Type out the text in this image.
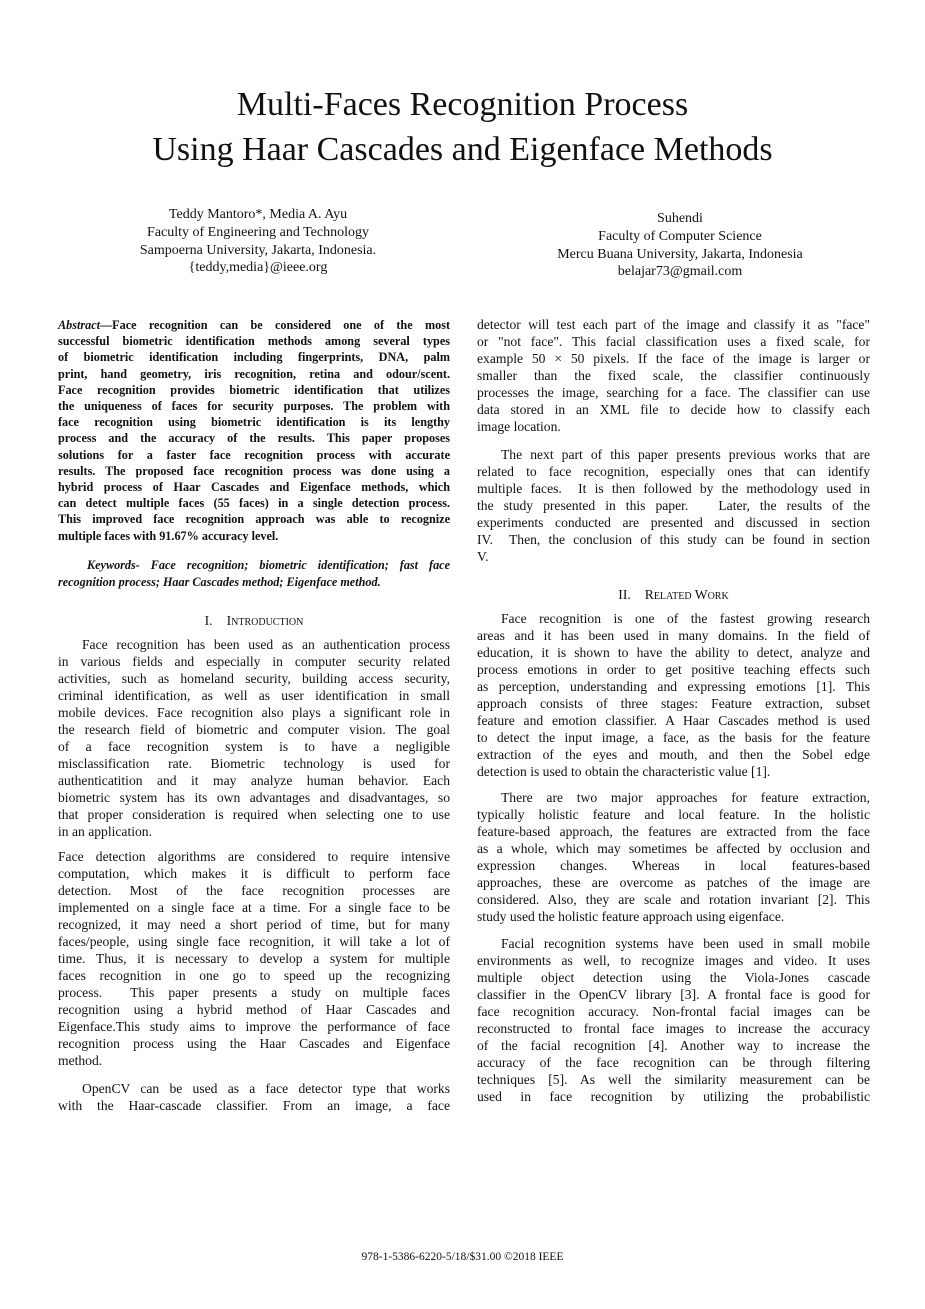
Multi-Faces Recognition Process
Using Haar Cascades and Eigenface Methods
Teddy Mantoro*, Media A. Ayu
Faculty of Engineering and Technology
Sampoerna University, Jakarta, Indonesia.
{teddy,media}@ieee.org
Suhendi
Faculty of Computer Science
Mercu Buana University, Jakarta, Indonesia
belajar73@gmail.com
Abstract—Face recognition can be considered one of the most
successful biometric identification methods among several types
of biometric identification including fingerprints, DNA, palm
print, hand geometry, iris recognition, retina and odour/scent.
Face recognition provides biometric identification that utilizes
the uniqueness of faces for security purposes. The problem with
face recognition using biometric identification is its lengthy
process and the accuracy of the results. This paper proposes
solutions for a faster face recognition process with accurate
results. The proposed face recognition process was done using a
hybrid process of Haar Cascades and Eigenface methods, which
can detect multiple faces (55 faces) in a single detection process.
This improved face recognition approach was able to recognize
multiple faces with 91.67% accuracy level.
Keywords- Face recognition; biometric identification; fast face
recognition process; Haar Cascades method; Eigenface method.
I. Introduction
Face recognition has been used as an authentication process
in various fields and especially in computer security related
activities, such as homeland security, building access security,
criminal identification, as well as user identification in small
mobile devices. Face recognition also plays a significant role in
the research field of biometric and computer vision. The goal
of a face recognition system is to have a negligible
misclassification rate. Biometric technology is used for
authenticatition and it may analyze human behavior. Each
biometric system has its own advantages and disadvantages, so
that proper consideration is required when selecting one to use
in an application.
Face detection algorithms are considered to require intensive
computation, which makes it is difficult to perform face
detection. Most of the face recognition processes are
implemented on a single face at a time. For a single face to be
recognized, it may need a short period of time, but for many
faces/people, using single face recognition, it will take a lot of
time. Thus, it is necessary to develop a system for multiple
faces recognition in one go to speed up the recognizing
process.  This paper presents a study on multiple faces
recognition using a hybrid method of Haar Cascades and
Eigenface.This study aims to improve the performance of face
recognition process using the Haar Cascades and Eigenface
method.
OpenCV can be used as a face detector type that works
with the Haar-cascade classifier. From an image, a face
detector will test each part of the image and classify it as "face"
or "not face". This facial classification uses a fixed scale, for
example 50 × 50 pixels. If the face of the image is larger or
smaller than the fixed scale, the classifier continuously
processes the image, searching for a face. The classifier can use
data stored in an XML file to decide how to classify each
image location.
The next part of this paper presents previous works that are
related to face recognition, especially ones that can identify
multiple faces.  It is then followed by the methodology used in
the study presented in this paper.   Later, the results of the
experiments conducted are presented and discussed in section
IV.  Then, the conclusion of this study can be found in section
V.
II. Related Work
Face recognition is one of the fastest growing research
areas and it has been used in many domains. In the field of
education, it is shown to have the ability to detect, analyze and
process emotions in order to get positive teaching effects such
as perception, understanding and expressing emotions [1]. This
approach consists of three stages: Feature extraction, subset
feature and emotion classifier. A Haar Cascades method is used
to detect the input image, a face, as the basis for the feature
extraction of the eyes and mouth, and then the Sobel edge
detection is used to obtain the characteristic value [1].
There are two major approaches for feature extraction,
typically holistic feature and local feature. In the holistic
feature-based approach, the features are extracted from the face
as a whole, which may sometimes be affected by occlusion and
expression changes. Whereas in local features-based
approaches, these are overcome as patches of the image are
considered. Also, they are scale and rotation invariant [2]. This
study used the holistic feature approach using eigenface.
Facial recognition systems have been used in small mobile
environments as well, to recognize images and video. It uses
multiple object detection using the Viola-Jones cascade
classifier in the OpenCV library [3]. A frontal face is good for
face recognition accuracy. Non-frontal facial images can be
reconstructed to frontal face images to increase the accuracy
of the facial recognition [4]. Another way to increase the
accuracy of the face recognition can be through filtering
techniques [5]. As well the similarity measurement can be
used in face recognition by utilizing the probabilistic
978-1-5386-6220-5/18/$31.00 ©2018 IEEE
